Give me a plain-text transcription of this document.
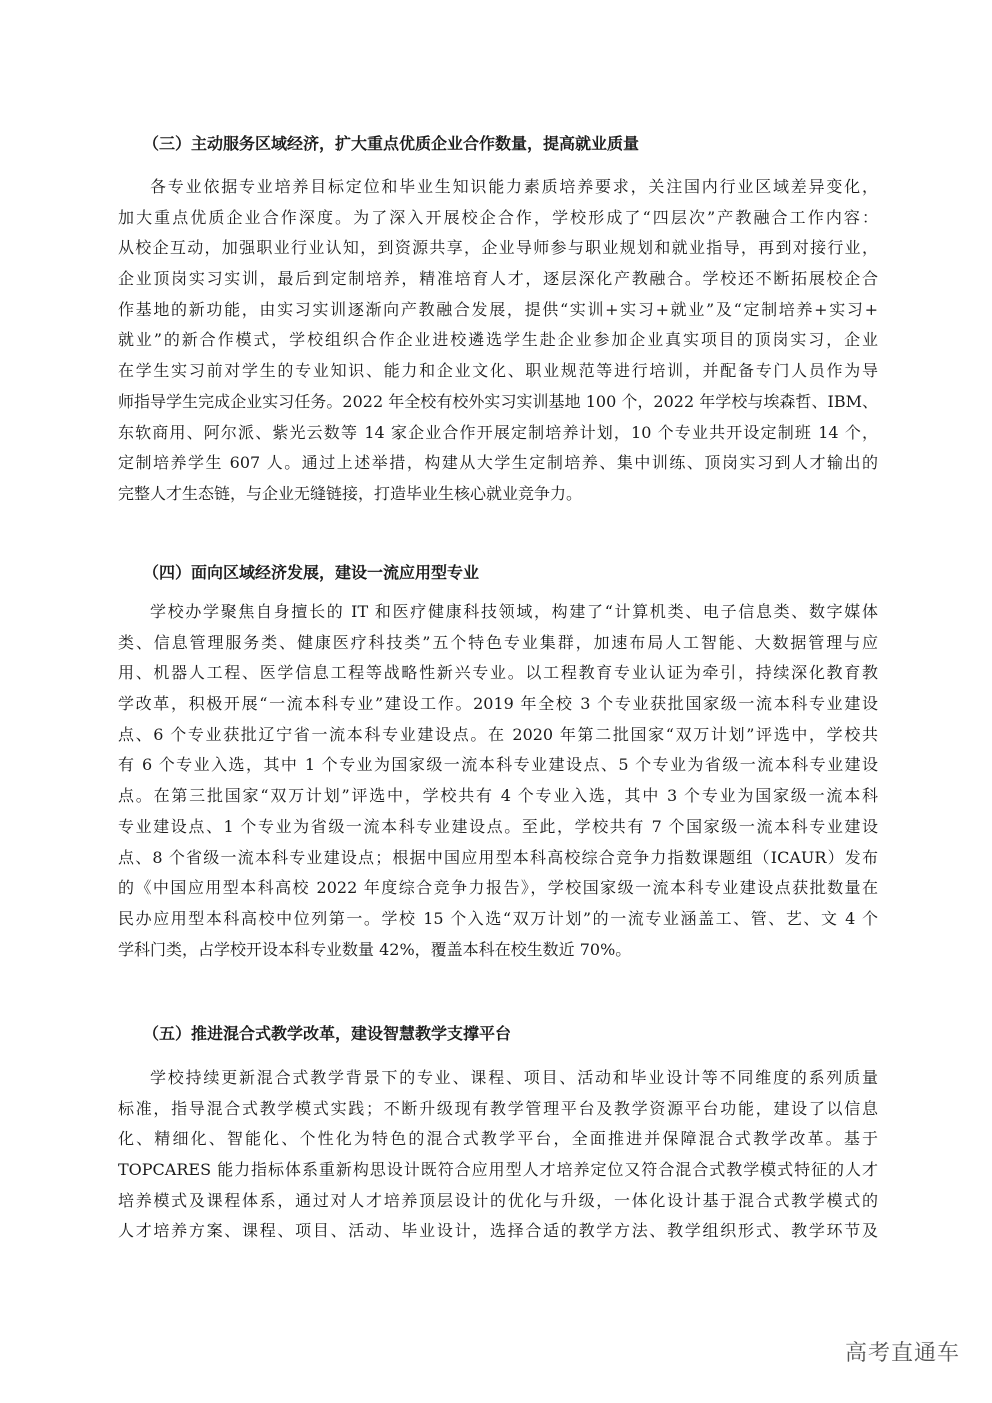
（三）主动服务区域经济，扩大重点优质企业合作数量，提高就业质量
各专业依据专业培养目标定位和毕业生知识能力素质培养要求，关注国内行业区域差异变化，
加大重点优质企业合作深度。为了深入开展校企合作，学校形成了“四层次”产教融合工作内容：
从校企互动，加强职业行业认知，到资源共享，企业导师参与职业规划和就业指导，再到对接行业，
企业顶岗实习实训，最后到定制培养，精准培育人才，逐层深化产教融合。学校还不断拓展校企合
作基地的新功能，由实习实训逐渐向产教融合发展，提供“实训+实习+就业”及“定制培养+实习+
就业”的新合作模式，学校组织合作企业进校遴选学生赴企业参加企业真实项目的顶岗实习，企业
在学生实习前对学生的专业知识、能力和企业文化、职业规范等进行培训，并配备专门人员作为导
师指导学生完成企业实习任务。2022 年全校有校外实习实训基地 100 个，2022 年学校与埃森哲、IBM、
东软商用、阿尔派、紫光云数等 14 家企业合作开展定制培养计划，10 个专业共开设定制班 14 个，
定制培养学生 607 人。通过上述举措，构建从大学生定制培养、集中训练、顶岗实习到人才输出的
完整人才生态链，与企业无缝链接，打造毕业生核心就业竞争力。
（四）面向区域经济发展，建设一流应用型专业
学校办学聚焦自身擅长的 IT 和医疗健康科技领域，构建了“计算机类、电子信息类、数字媒体
类、信息管理服务类、健康医疗科技类”五个特色专业集群，加速布局人工智能、大数据管理与应
用、机器人工程、医学信息工程等战略性新兴专业。以工程教育专业认证为牵引，持续深化教育教
学改革，积极开展“一流本科专业”建设工作。2019 年全校 3 个专业获批国家级一流本科专业建设
点、6 个专业获批辽宁省一流本科专业建设点。在 2020 年第二批国家“双万计划”评选中，学校共
有 6 个专业入选，其中 1 个专业为国家级一流本科专业建设点、5 个专业为省级一流本科专业建设
点。在第三批国家“双万计划”评选中，学校共有 4 个专业入选，其中 3 个专业为国家级一流本科
专业建设点、1 个专业为省级一流本科专业建设点。至此，学校共有 7 个国家级一流本科专业建设
点、8 个省级一流本科专业建设点；根据中国应用型本科高校综合竞争力指数课题组（ICAUR）发布
的《中国应用型本科高校 2022 年度综合竞争力报告》，学校国家级一流本科专业建设点获批数量在
民办应用型本科高校中位列第一。学校 15 个入选“双万计划”的一流专业涵盖工、管、艺、文 4 个
学科门类，占学校开设本科专业数量 42%，覆盖本科在校生数近 70%。
（五）推进混合式教学改革，建设智慧教学支撑平台
学校持续更新混合式教学背景下的专业、课程、项目、活动和毕业设计等不同维度的系列质量
标准，指导混合式教学模式实践；不断升级现有教学管理平台及教学资源平台功能，建设了以信息
化、精细化、智能化、个性化为特色的混合式教学平台，全面推进并保障混合式教学改革。基于
TOPCARES 能力指标体系重新构思设计既符合应用型人才培养定位又符合混合式教学模式特征的人才
培养模式及课程体系，通过对人才培养顶层设计的优化与升级，一体化设计基于混合式教学模式的
人才培养方案、课程、项目、活动、毕业设计，选择合适的教学方法、教学组织形式、教学环节及
高考直通车
